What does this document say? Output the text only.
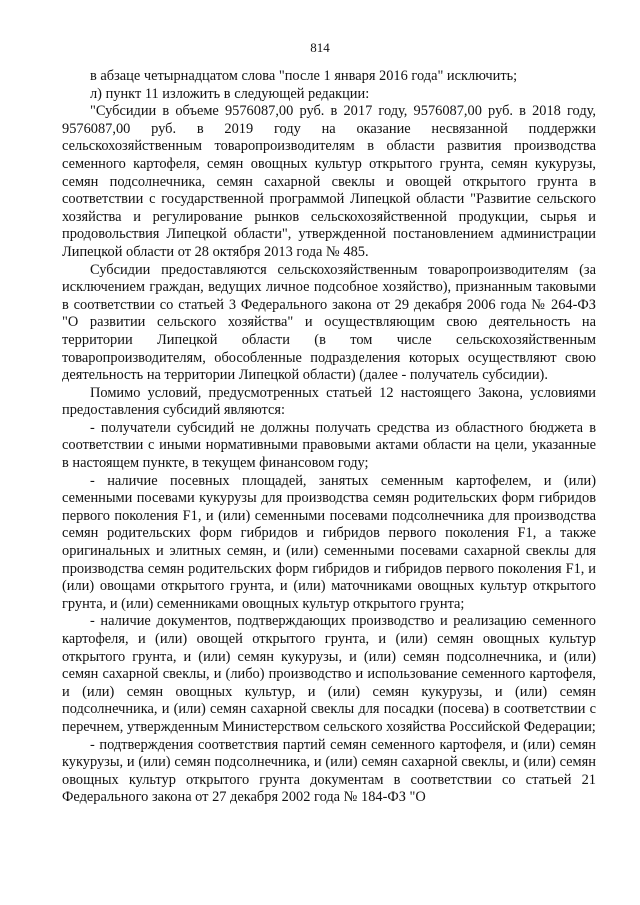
814

в абзаце четырнадцатом слова "после 1 января 2016 года" исключить;

л) пункт 11 изложить в следующей редакции:

"Субсидии в объеме 9576087,00 руб. в 2017 году, 9576087,00 руб. в 2018 году, 9576087,00 руб. в 2019 году на оказание несвязанной поддержки сельскохозяйственным товаропроизводителям в области развития производства семенного картофеля, семян овощных культур открытого грунта, семян кукурузы, семян подсолнечника, семян сахарной свеклы и овощей открытого грунта в соответствии с государственной программой Липецкой области "Развитие сельского хозяйства и регулирование рынков сельскохозяйственной продукции, сырья и продовольствия Липецкой области", утвержденной постановлением администрации Липецкой области от 28 октября 2013 года № 485.

Субсидии предоставляются сельскохозяйственным товаропроизводителям (за исключением граждан, ведущих личное подсобное хозяйство), признанным таковыми в соответствии со статьей 3 Федерального закона от 29 декабря 2006 года № 264-ФЗ "О развитии сельского хозяйства" и осуществляющим свою деятельность на территории Липецкой области (в том числе сельскохозяйственным товаропроизводителям, обособленные подразделения которых осуществляют свою деятельность на территории Липецкой области) (далее - получатель субсидии).

Помимо условий, предусмотренных статьей 12 настоящего Закона, условиями предоставления субсидий являются:

- получатели субсидий не должны получать средства из областного бюджета в соответствии с иными нормативными правовыми актами области на цели, указанные в настоящем пункте, в текущем финансовом году;

- наличие посевных площадей, занятых семенным картофелем, и (или) семенными посевами кукурузы для производства семян родительских форм гибридов первого поколения F1, и (или) семенными посевами подсолнечника для производства семян родительских форм гибридов и гибридов первого поколения F1, а также оригинальных и элитных семян, и (или) семенными посевами сахарной свеклы для производства семян родительских форм гибридов и гибридов первого поколения F1, и (или) овощами открытого грунта, и (или) маточниками овощных культур открытого грунта, и (или) семенниками овощных культур открытого грунта;

- наличие документов, подтверждающих производство и реализацию семенного картофеля, и (или) овощей открытого грунта, и (или) семян овощных культур открытого грунта, и (или) семян кукурузы, и (или) семян подсолнечника, и (или) семян сахарной свеклы, и (либо) производство и использование семенного картофеля, и (или) семян овощных культур, и (или) семян кукурузы, и (или) семян подсолнечника, и (или) семян сахарной свеклы для посадки (посева) в соответствии с перечнем, утвержденным Министерством сельского хозяйства Российской Федерации;

- подтверждения соответствия партий семян семенного картофеля, и (или) семян кукурузы, и (или) семян подсолнечника, и (или) семян сахарной свеклы, и (или) семян овощных культур открытого грунта документам в соответствии со статьей 21 Федерального закона от 27 декабря 2002 года № 184-ФЗ "О
